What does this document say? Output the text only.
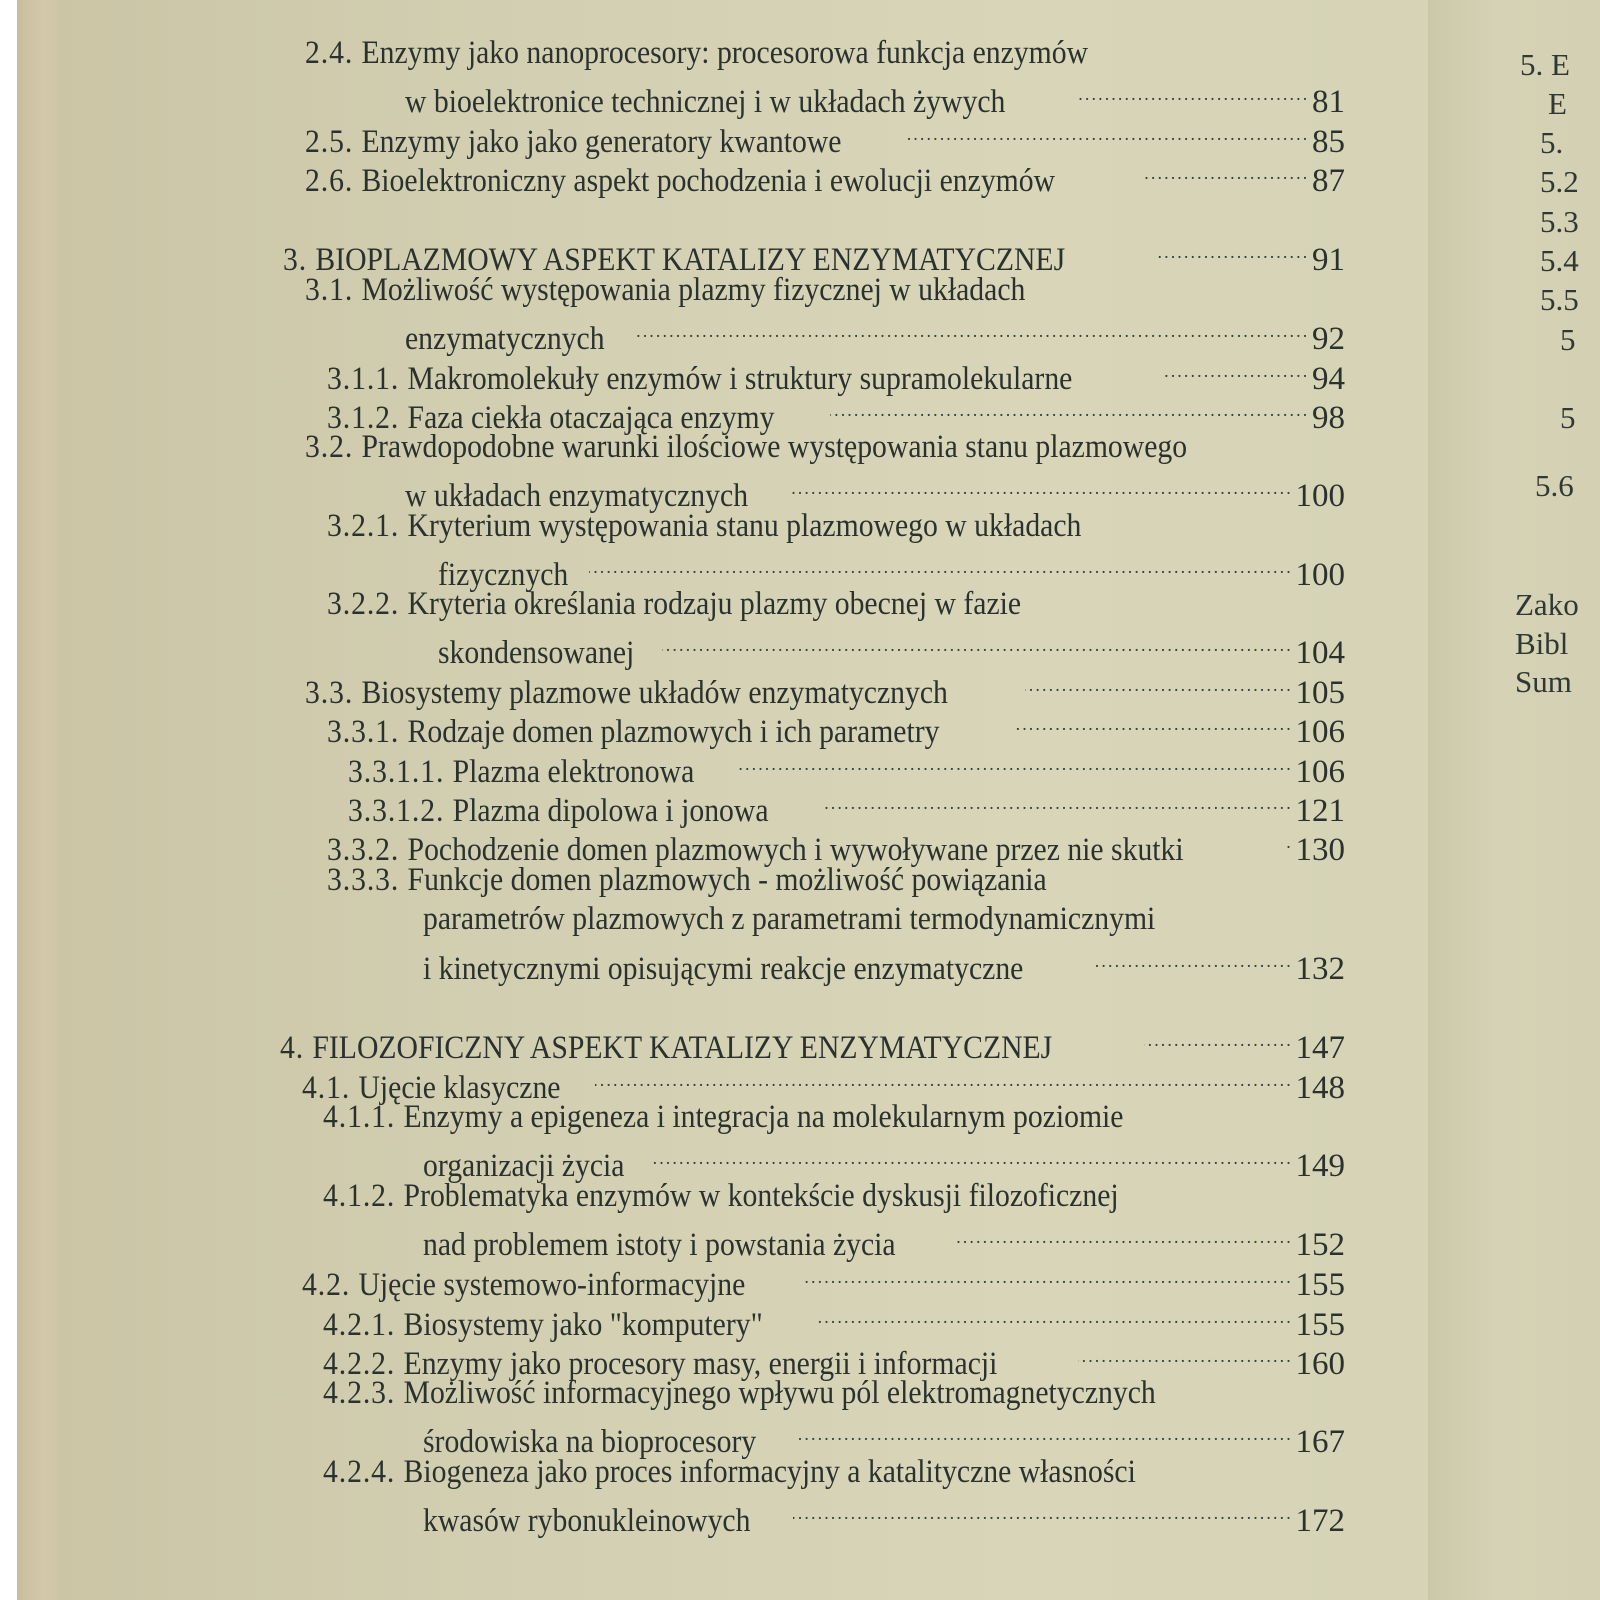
2.4. Enzymy jako nanoprocesory: procesorowa funkcja enzymów
w bioelektronice technicznej i w układach żywych . . .	81
2.5. Enzymy jako jako generatory kwantowe . . .	85
2.6. Bioelektroniczny aspekt pochodzenia i ewolucji enzymów . . .	87
3. BIOPLAZMOWY ASPEKT KATALIZY ENZYMATYCZNEJ . . .	91
3.1. Możliwość występowania plazmy fizycznej w układach
enzymatycznych . . .	92
3.1.1. Makromolekuły enzymów i struktury supramolekularne . . .	94
3.1.2. Faza ciekła otaczająca enzymy . . .	98
3.2. Prawdopodobne warunki ilościowe występowania stanu plazmowego
w układach enzymatycznych . . .	100
3.2.1. Kryterium występowania stanu plazmowego w układach
fizycznych . . .	100
3.2.2. Kryteria określania rodzaju plazmy obecnej w fazie
skondensowanej . . .	104
3.3. Biosystemy plazmowe układów enzymatycznych . . .	105
3.3.1. Rodzaje domen plazmowych i ich parametry . . .	106
3.3.1.1. Plazma elektronowa . . .	106
3.3.1.2. Plazma dipolowa i jonowa . . .	121
3.3.2. Pochodzenie domen plazmowych i wywoływane przez nie skutki . . .	130
3.3.3. Funkcje domen plazmowych - możliwość powiązania
parametrów plazmowych z parametrami termodynamicznymi
i kinetycznymi opisującymi reakcje enzymatyczne . . .	132
4. FILOZOFICZNY ASPEKT KATALIZY ENZYMATYCZNEJ . . .	147
4.1. Ujęcie klasyczne . . .	148
4.1.1. Enzymy a epigeneza i integracja na molekularnym poziomie
organizacji życia . . .	149
4.1.2. Problematyka enzymów w kontekście dyskusji filozoficznej
nad problemem istoty i powstania życia . . .	152
4.2. Ujęcie systemowo-informacyjne . . .	155
4.2.1. Biosystemy jako "komputery" . . .	155
4.2.2. Enzymy jako procesory masy, energii i informacji . . .	160
4.2.3. Możliwość informacyjnego wpływu pól elektromagnetycznych
środowiska na bioprocesory . . .	167
4.2.4. Biogeneza jako proces informacyjny a katalityczne własności
kwasów rybonukleinowych . . .	172
5. E
E
5.
5.2
5.3
5.4
5.5
5
5
5.6
Zako
Bibl
Sum
